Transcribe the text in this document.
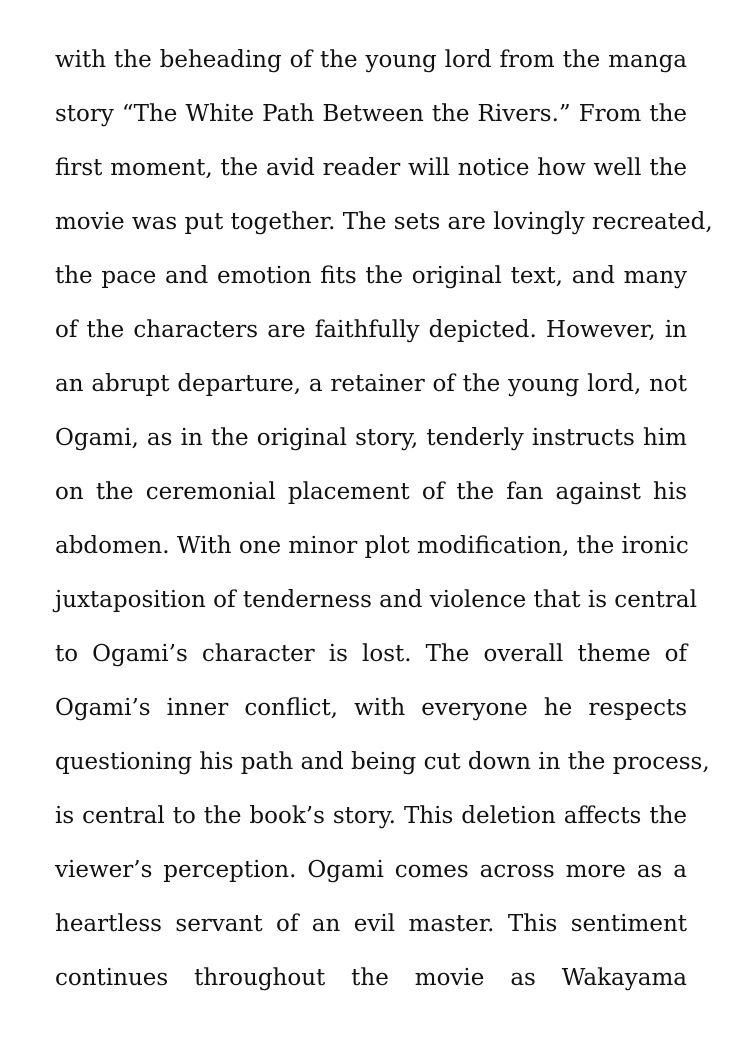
with the beheading of the young lord from the manga
story “The White Path Between the Rivers.” From the
first moment, the avid reader will notice how well the
movie was put together. The sets are lovingly recreated,
the pace and emotion fits the original text, and many
of the characters are faithfully depicted. However, in
an abrupt departure, a retainer of the young lord, not
Ogami, as in the original story, tenderly instructs him
on the ceremonial placement of the fan against his
abdomen. With one minor plot modification, the ironic
juxtaposition of tenderness and violence that is central
to Ogami’s character is lost. The overall theme of
Ogami’s inner conflict, with everyone he respects
questioning his path and being cut down in the process,
is central to the book’s story. This deletion affects the
viewer’s perception. Ogami comes across more as a
heartless servant of an evil master. This sentiment
continues throughout the movie as Wakayama
